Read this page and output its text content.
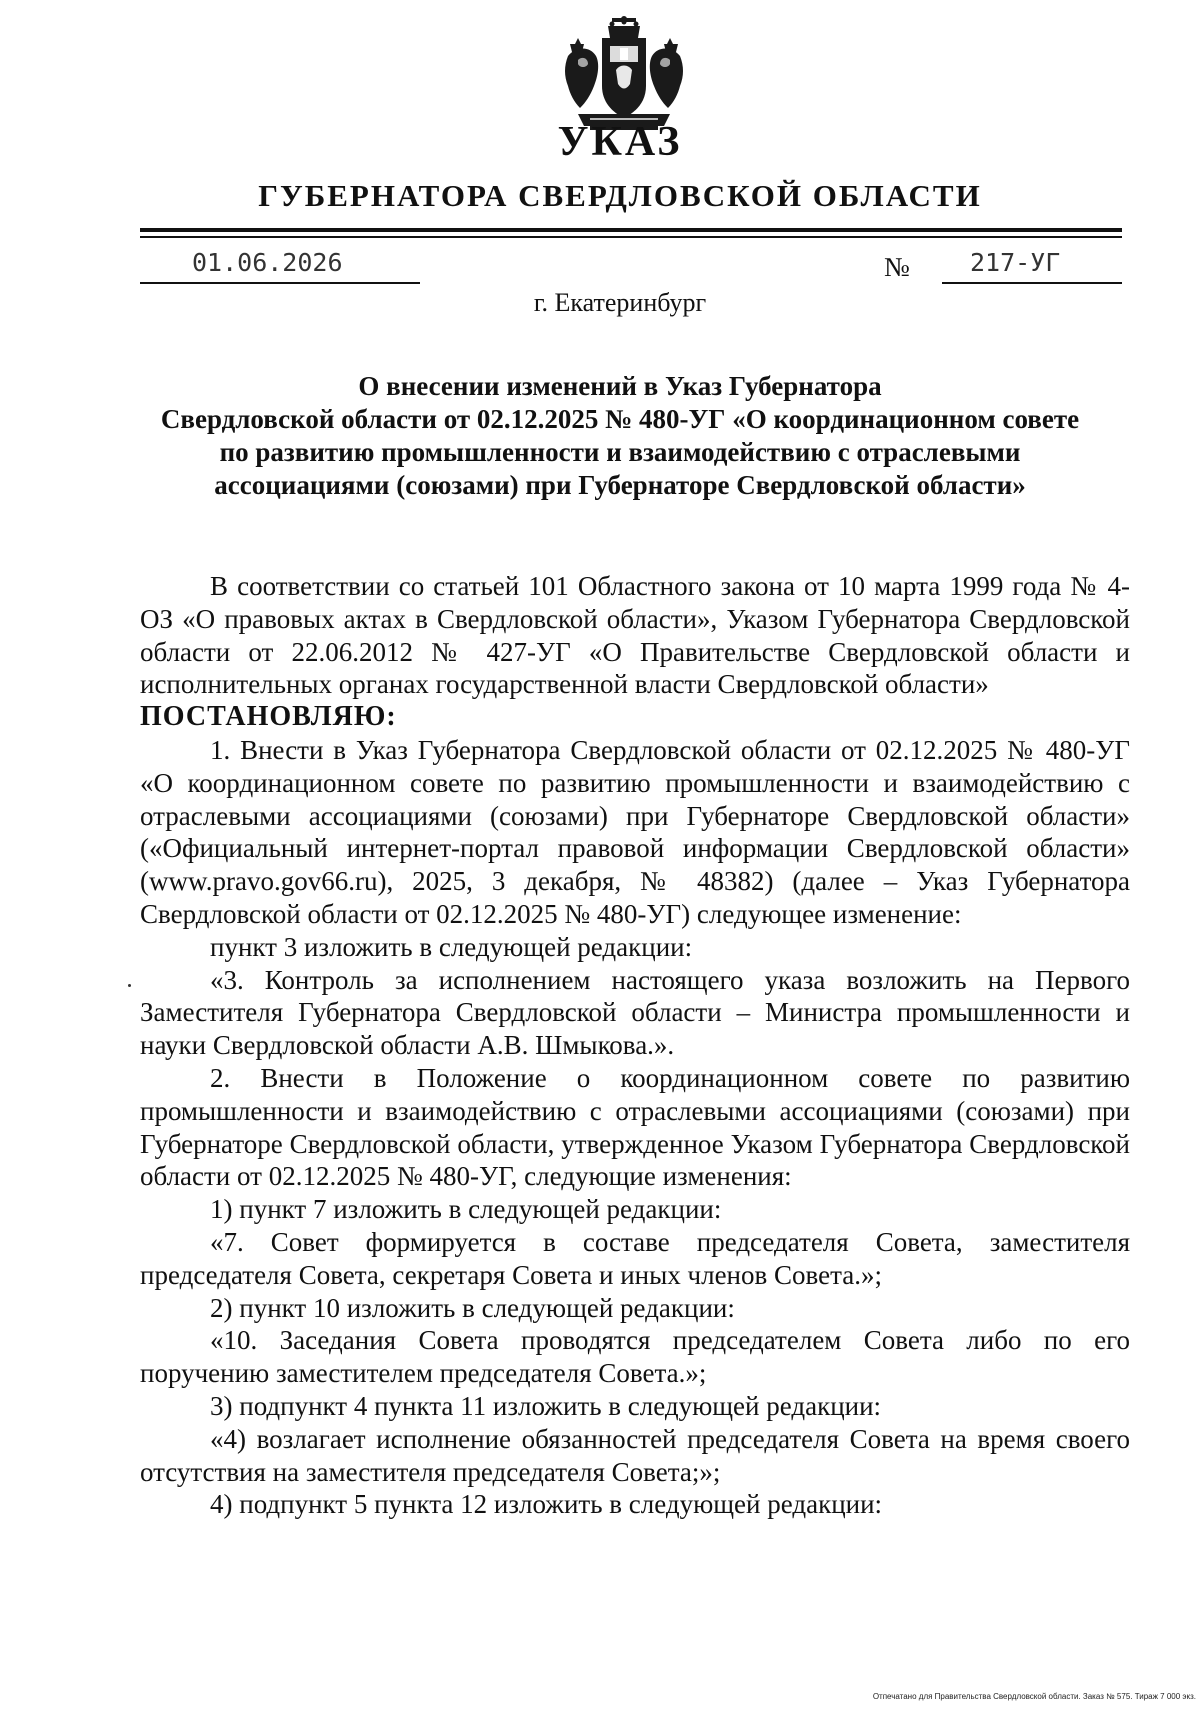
УКАЗ
ГУБЕРНАТОРА СВЕРДЛОВСКОЙ ОБЛАСТИ
01.06.2026	№ 217-УГ
г. Екатеринбург
О внесении изменений в Указ Губернатора
Свердловской области от 02.12.2025 № 480-УГ «О координационном совете
по развитию промышленности и взаимодействию с отраслевыми
ассоциациями (союзами) при Губернаторе Свердловской области»

В соответствии со статьей 101 Областного закона от 10 марта 1999 года № 4-ОЗ «О правовых актах в Свердловской области», Указом Губернатора Свердловской области от 22.06.2012 № 427-УГ «О Правительстве Свердловской области и исполнительных органах государственной власти Свердловской области»

ПОСТАНОВЛЯЮ:

1. Внести в Указ Губернатора Свердловской области от 02.12.2025 № 480-УГ «О координационном совете по развитию промышленности и взаимодействию с отраслевыми ассоциациями (союзами) при Губернаторе Свердловской области» («Официальный интернет-портал правовой информации Свердловской области» (www.pravo.gov66.ru), 2025, 3 декабря, № 48382) (далее – Указ Губернатора Свердловской области от 02.12.2025 № 480-УГ) следующее изменение:

пункт 3 изложить в следующей редакции:

«3. Контроль за исполнением настоящего указа возложить на Первого Заместителя Губернатора Свердловской области – Министра промышленности и науки Свердловской области А.В. Шмыкова.».

2. Внести в Положение о координационном совете по развитию промышленности и взаимодействию с отраслевыми ассоциациями (союзами) при Губернаторе Свердловской области, утвержденное Указом Губернатора Свердловской области от 02.12.2025 № 480-УГ, следующие изменения:

1) пункт 7 изложить в следующей редакции:

«7. Совет формируется в составе председателя Совета, заместителя председателя Совета, секретаря Совета и иных членов Совета.»;

2) пункт 10 изложить в следующей редакции:

«10. Заседания Совета проводятся председателем Совета либо по его поручению заместителем председателя Совета.»;

3) подпункт 4 пункта 11 изложить в следующей редакции:

«4) возлагает исполнение обязанностей председателя Совета на время своего отсутствия на заместителя председателя Совета;»;

4) подпункт 5 пункта 12 изложить в следующей редакции:

Отпечатано для Правительства Свердловской области. Заказ № 575. Тираж 7 000 экз.
